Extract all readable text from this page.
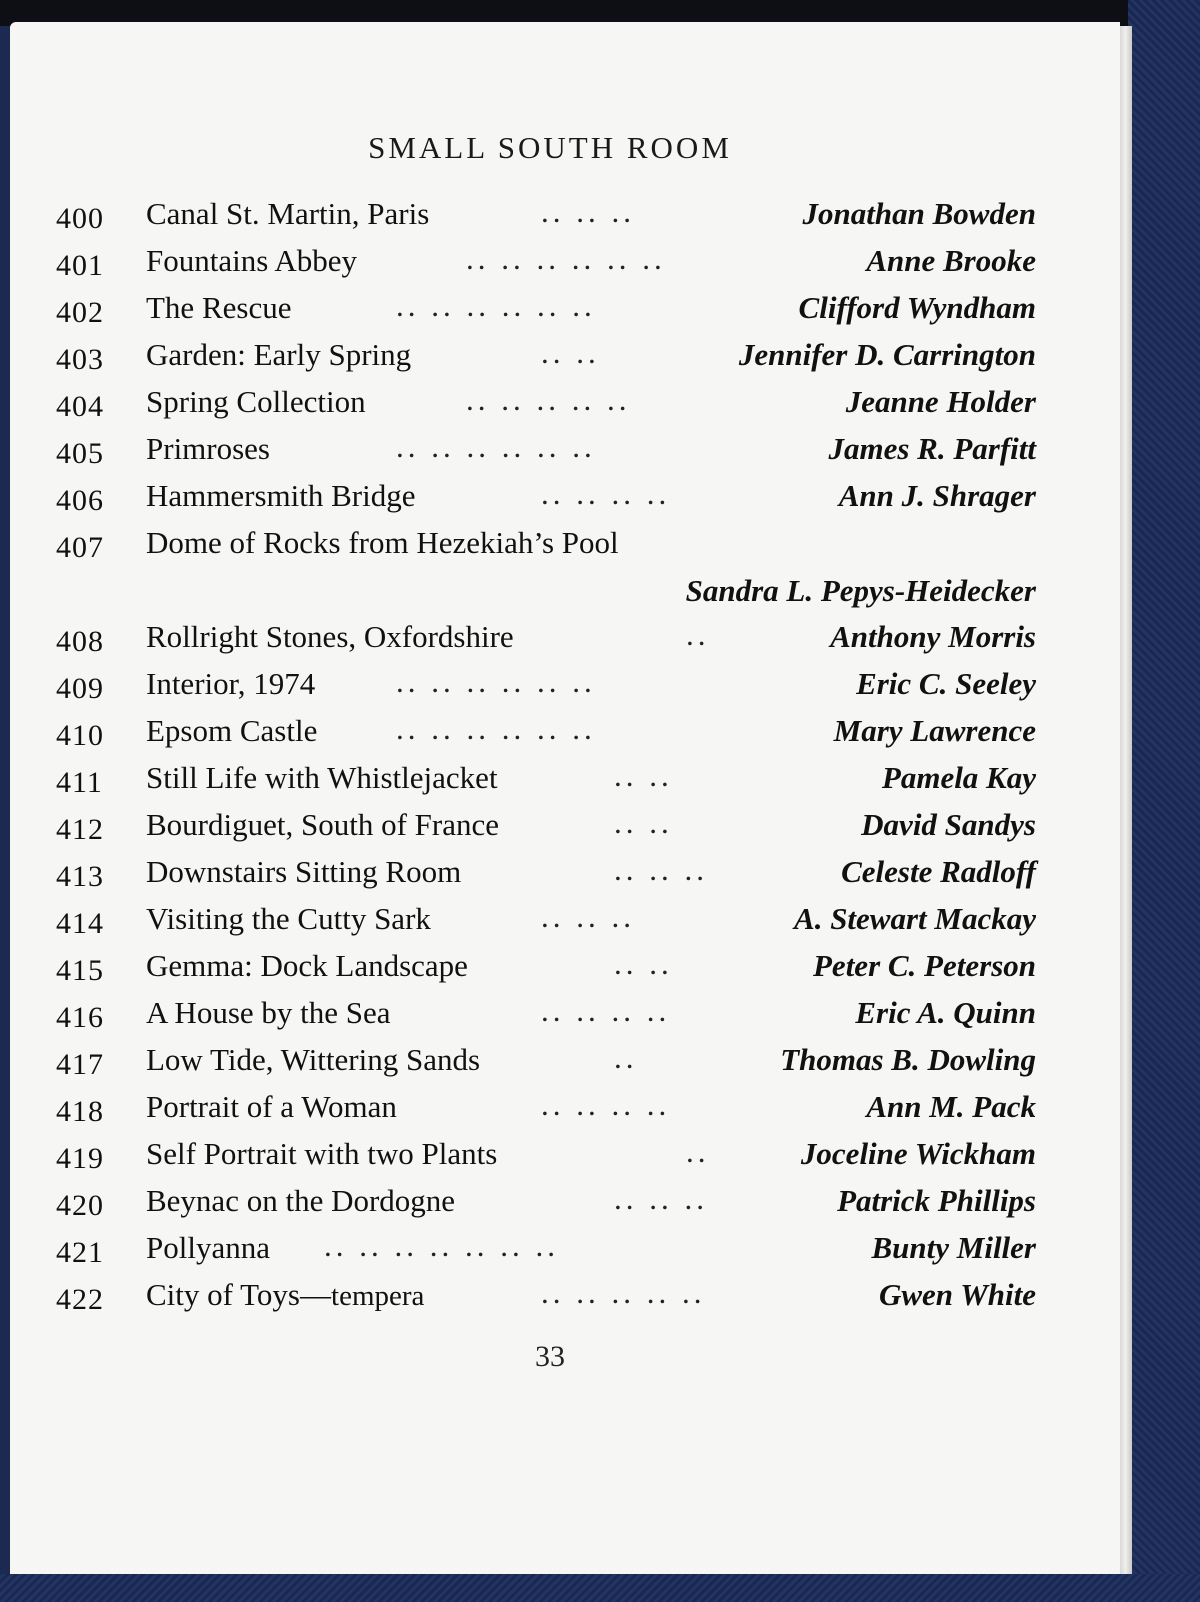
SMALL SOUTH ROOM
400 Canal St. Martin, Paris	.. .. ..	Jonathan Bowden
401 Fountains Abbey	.. .. .. .. .. ..	Anne Brooke
402 The Rescue	.. .. .. .. .. ..	Clifford Wyndham
403 Garden: Early Spring	.. ..	Jennifer D. Carrington
404 Spring Collection	.. .. .. .. ..	Jeanne Holder
405 Primroses	.. .. .. .. .. ..	James R. Parfitt
406 Hammersmith Bridge	.. .. .. ..	Ann J. Shrager
407 Dome of Rocks from Hezekiah’s Pool
Sandra L. Pepys-Heidecker
408 Rollright Stones, Oxfordshire	..	Anthony Morris
409 Interior, 1974	.. .. .. .. .. ..	Eric C. Seeley
410 Epsom Castle	.. .. .. .. .. ..	Mary Lawrence
411 Still Life with Whistlejacket	.. ..	Pamela Kay
412 Bourdiguet, South of France	.. ..	David Sandys
413 Downstairs Sitting Room	.. .. ..	Celeste Radloff
414 Visiting the Cutty Sark	.. .. ..	A. Stewart Mackay
415 Gemma: Dock Landscape	.. ..	Peter C. Peterson
416 A House by the Sea	.. .. .. ..	Eric A. Quinn
417 Low Tide, Wittering Sands	..	Thomas B. Dowling
418 Portrait of a Woman	.. .. .. ..	Ann M. Pack
419 Self Portrait with two Plants	..	Joceline Wickham
420 Beynac on the Dordogne	.. .. ..	Patrick Phillips
421 Pollyanna .. .. .. .. .. .. ..	Bunty Miller
422 City of Toys—tempera	.. .. .. .. ..	Gwen White
33
